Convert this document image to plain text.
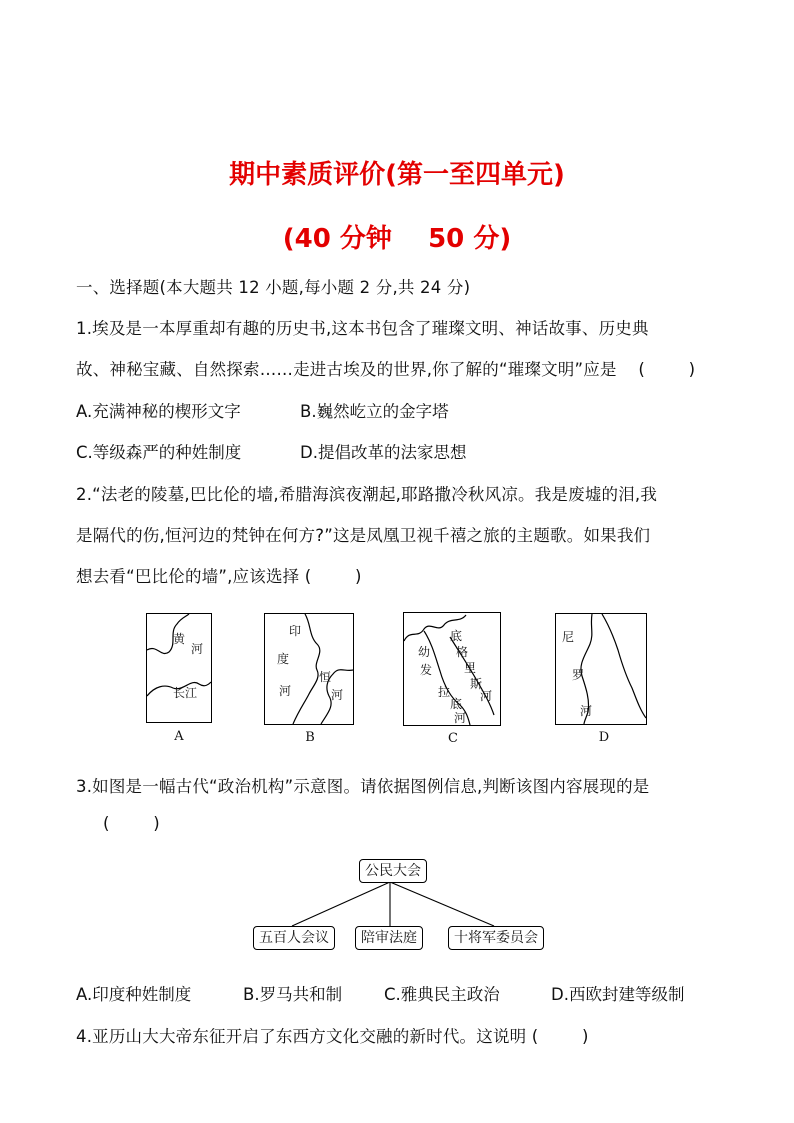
期中素质评价(第一至四单元)
(40 分钟    50 分)
一、选择题(本大题共 12 小题,每小题 2 分,共 24 分)
1.埃及是一本厚重却有趣的历史书,这本书包含了璀璨文明、神话故事、历史典
故、神秘宝藏、自然探索……走进古埃及的世界,你了解的“璀璨文明”应是    (        )
A.充满神秘的楔形文字	B.巍然屹立的金字塔
C.等级森严的种姓制度	D.提倡改革的法家思想
2.“法老的陵墓,巴比伦的墙,希腊海滨夜潮起,耶路撒冷秋风凉。我是废墟的泪,我
是隔代的伤,恒河边的梵钟在何方?”这是凤凰卫视千禧之旅的主题歌。如果我们
想去看“巴比伦的墙”,应该选择 (        )
黄
河
长江
A
印
度
河
恒
河
B
底
格
里
斯
河
幼
发
拉
底
河
C
尼
罗
河
D
3.如图是一幅古代“政治机构”示意图。请依据图例信息,判断该图内容展现的是
(        )
公民大会
五百人会议	陪审法庭	十将军委员会
A.印度种姓制度	B.罗马共和制	C.雅典民主政治	D.西欧封建等级制
4.亚历山大大帝东征开启了东西方文化交融的新时代。这说明 (        )
